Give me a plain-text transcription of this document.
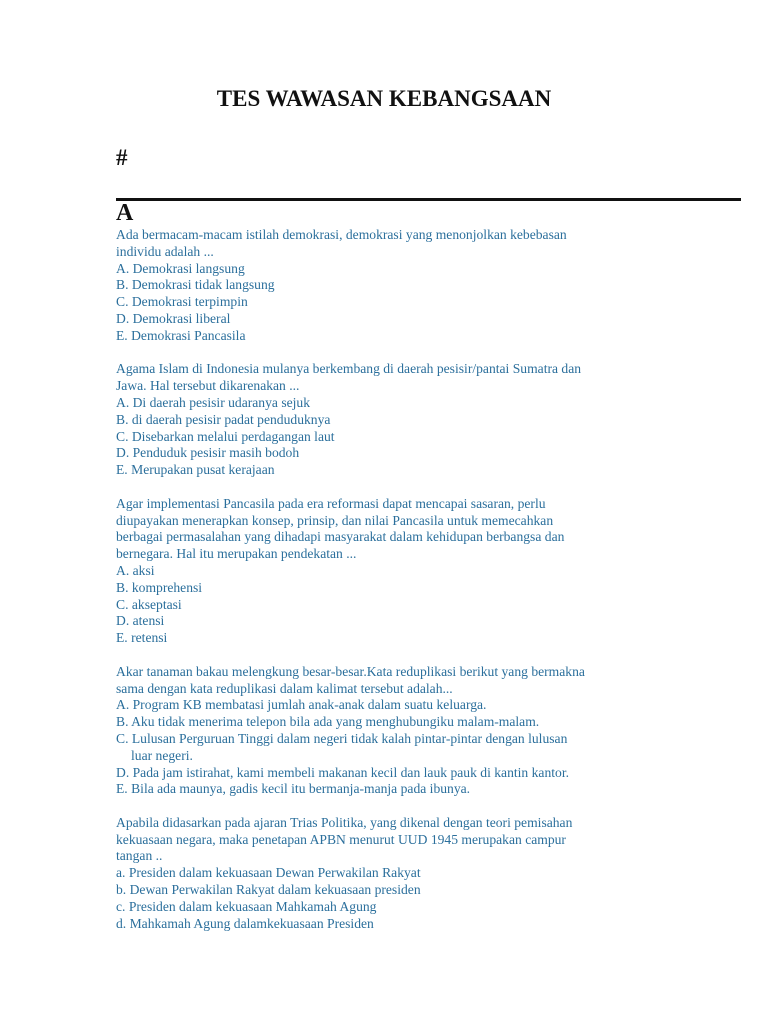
TES WAWASAN KEBANGSAAN
#
A
Ada bermacam-macam istilah demokrasi, demokrasi yang menonjolkan kebebasan
individu adalah ...
A. Demokrasi langsung
B. Demokrasi tidak langsung
C. Demokrasi terpimpin
D. Demokrasi liberal
E. Demokrasi Pancasila
Agama Islam di Indonesia mulanya berkembang di daerah pesisir/pantai Sumatra dan
Jawa. Hal tersebut dikarenakan ...
A. Di daerah pesisir udaranya sejuk
B. di daerah pesisir padat penduduknya
C. Disebarkan melalui perdagangan laut
D. Penduduk pesisir masih bodoh
E. Merupakan pusat kerajaan
Agar implementasi Pancasila pada era reformasi dapat mencapai sasaran, perlu
diupayakan menerapkan konsep, prinsip, dan nilai Pancasila untuk memecahkan
berbagai permasalahan yang dihadapi masyarakat dalam kehidupan berbangsa dan
bernegara. Hal itu merupakan pendekatan ...
A. aksi
B. komprehensi
C. akseptasi
D. atensi
E. retensi
Akar tanaman bakau melengkung besar-besar.Kata reduplikasi berikut yang bermakna
sama dengan kata reduplikasi dalam kalimat tersebut adalah...
A. Program KB membatasi jumlah anak-anak dalam suatu keluarga.
B. Aku tidak menerima telepon bila ada yang menghubungiku malam-malam.
C. Lulusan Perguruan Tinggi dalam negeri tidak kalah pintar-pintar dengan lulusan
luar negeri.
D. Pada jam istirahat, kami membeli makanan kecil dan lauk pauk di kantin kantor.
E. Bila ada maunya, gadis kecil itu bermanja-manja pada ibunya.
Apabila didasarkan pada ajaran Trias Politika, yang dikenal dengan teori pemisahan
kekuasaan negara, maka penetapan APBN menurut UUD 1945 merupakan campur
tangan ..
a. Presiden dalam kekuasaan Dewan Perwakilan Rakyat
b. Dewan Perwakilan Rakyat dalam kekuasaan presiden
c. Presiden dalam kekuasaan Mahkamah Agung
d. Mahkamah Agung dalamkekuasaan Presiden
